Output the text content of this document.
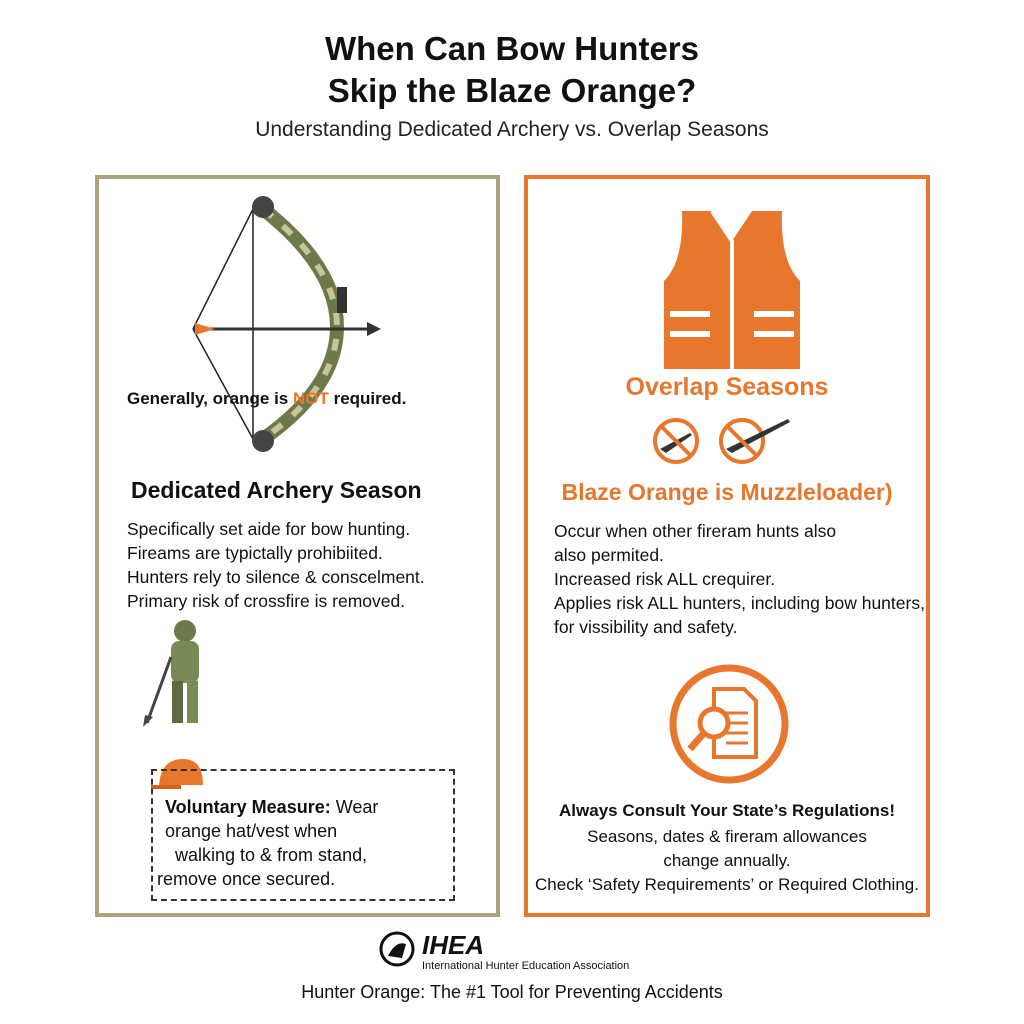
When Can Bow Hunters
Skip the Blaze Orange?
Understanding Dedicated Archery vs. Overlap Seasons
Generally, orange is NOT required.
Dedicated Archery Season
Specifically set aide for bow hunting.
Fireams are typictally prohibiited.
Hunters rely to silence & conscelment.
Primary risk of crossfire is removed.
Voluntary Measure: Wear
orange hat/vest when
walking to & from stand,
remove once secured.
Overlap Seasons
Blaze Orange is Muzzleloader)
Occur when other fireram hunts also
also permited.
Increased risk ALL crequirer.
Applies risk ALL hunters, including bow hunters,
for vissibility and safety.
Always Consult Your State’s Regulations!
Seasons, dates & fireram allowances
change annually.
Check ‘Safety Requirements’ or Required Clothing.
IHEA
International Hunter Education Association
Hunter Orange: The #1 Tool for Preventing Accidents
